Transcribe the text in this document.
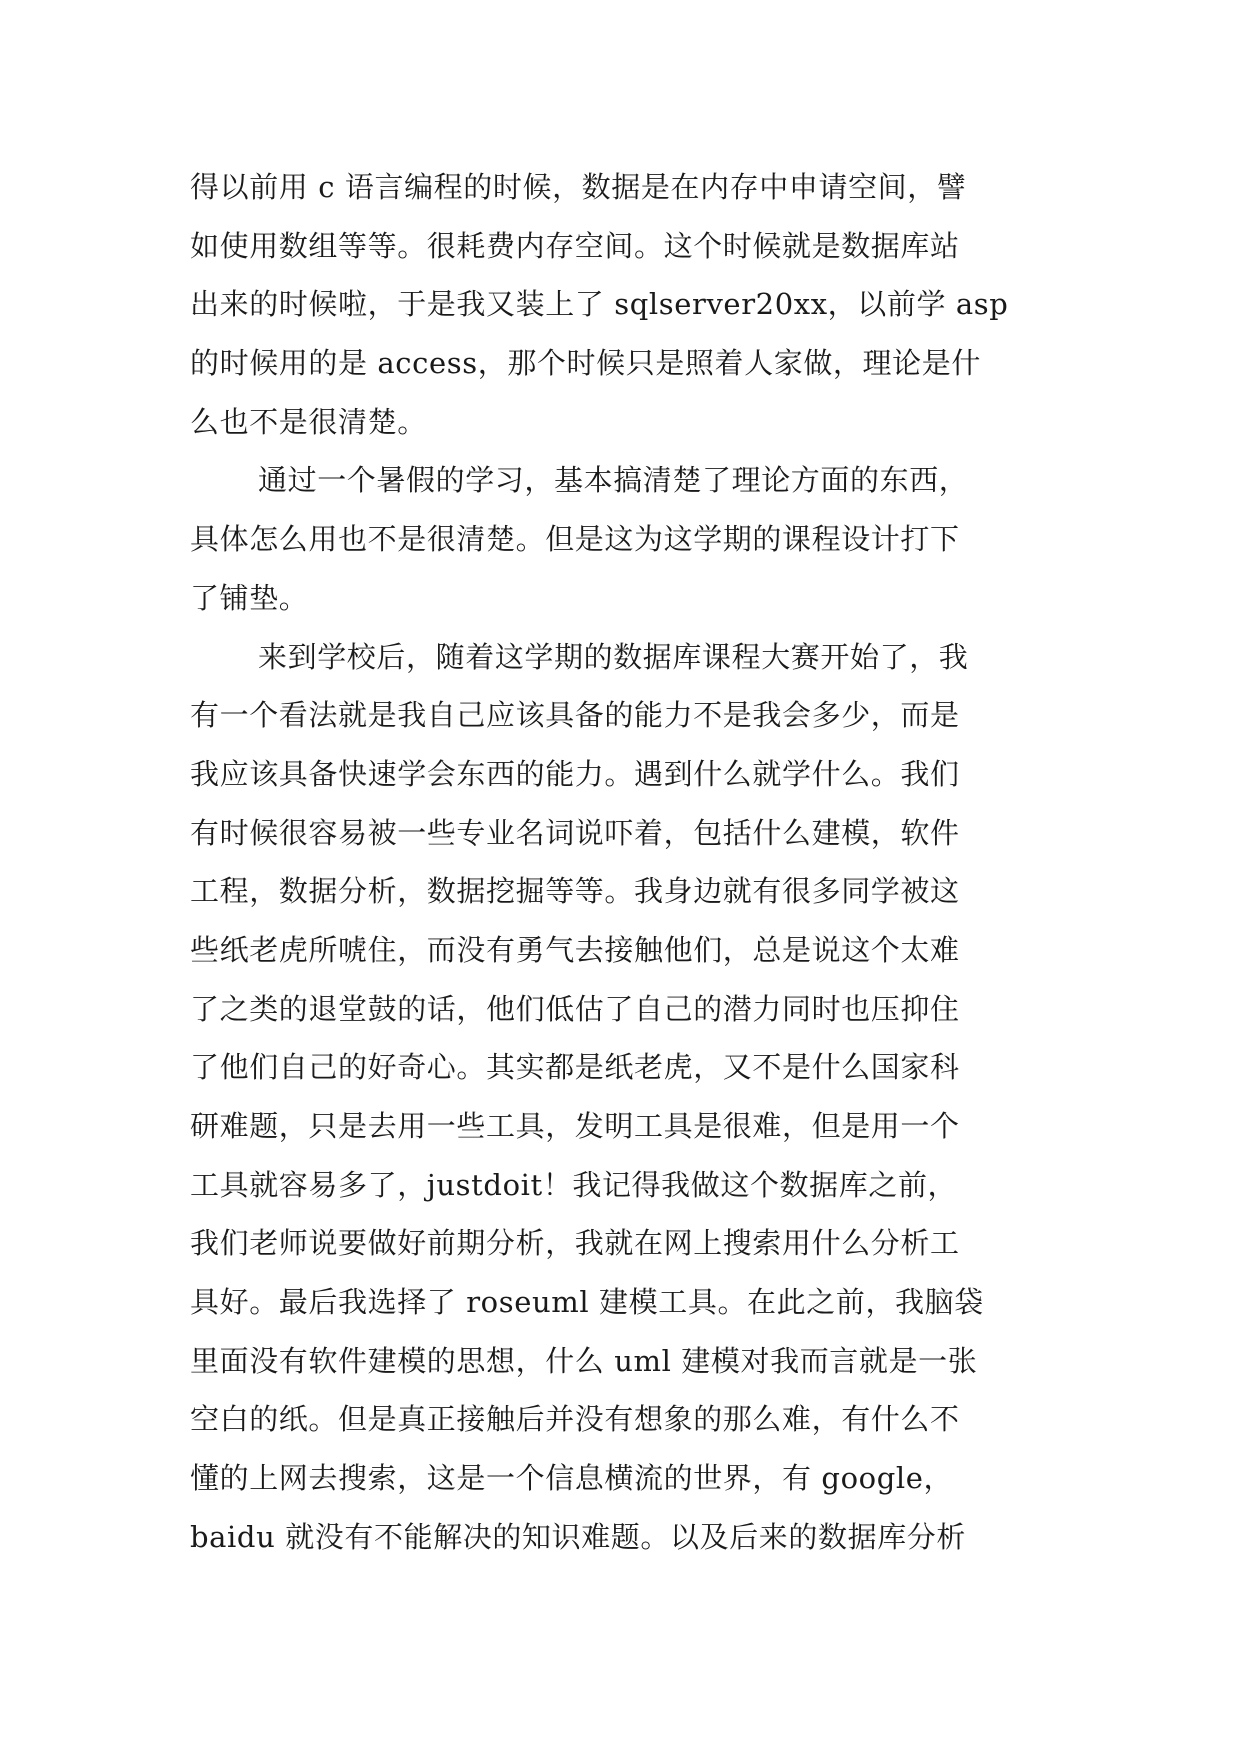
得以前用 c 语言编程的时候，数据是在内存中申请空间，譬
如使用数组等等。很耗费内存空间。这个时候就是数据库站
出来的时候啦，于是我又装上了 sqlserver20xx，以前学 asp
的时候用的是 access，那个时候只是照着人家做，理论是什
么也不是很清楚。
通过一个暑假的学习，基本搞清楚了理论方面的东西，
具体怎么用也不是很清楚。但是这为这学期的课程设计打下
了铺垫。
来到学校后，随着这学期的数据库课程大赛开始了，我
有一个看法就是我自己应该具备的能力不是我会多少，而是
我应该具备快速学会东西的能力。遇到什么就学什么。我们
有时候很容易被一些专业名词说吓着，包括什么建模，软件
工程，数据分析，数据挖掘等等。我身边就有很多同学被这
些纸老虎所唬住，而没有勇气去接触他们，总是说这个太难
了之类的退堂鼓的话，他们低估了自己的潜力同时也压抑住
了他们自己的好奇心。其实都是纸老虎，又不是什么国家科
研难题，只是去用一些工具，发明工具是很难，但是用一个
工具就容易多了，justdoit！我记得我做这个数据库之前，
我们老师说要做好前期分析，我就在网上搜索用什么分析工
具好。最后我选择了 roseuml 建模工具。在此之前，我脑袋
里面没有软件建模的思想，什么 uml 建模对我而言就是一张
空白的纸。但是真正接触后并没有想象的那么难，有什么不
懂的上网去搜索，这是一个信息横流的世界，有 google，
baidu 就没有不能解决的知识难题。以及后来的数据库分析
